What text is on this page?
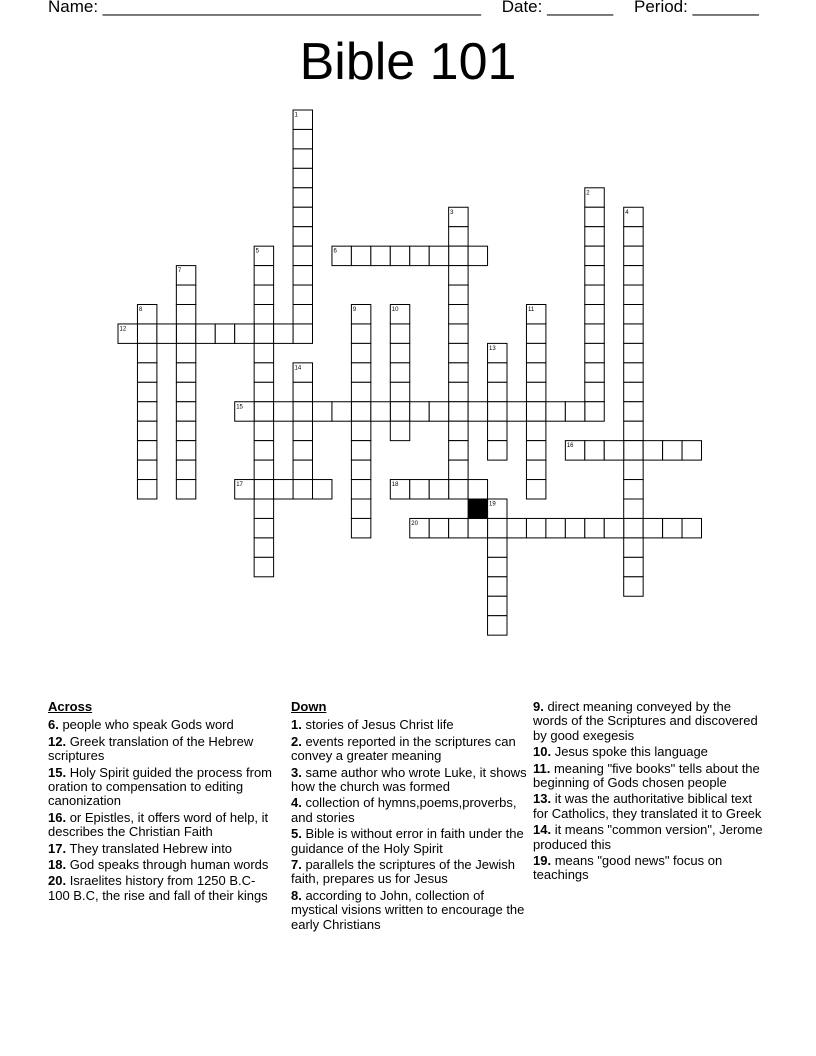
Name: ________________________________________ Date: _______ Period: _______
Bible 101
1
2
3	4
5	6
7
8	9	10	11
12
13
14
15
16
17	18
19
20
Across
6. people who speak Gods word
12. Greek translation of the Hebrew scriptures
15. Holy Spirit guided the process from oration to compensation to editing canonization
16. or Epistles, it offers word of help, it describes the Christian Faith
17. They translated Hebrew into
18. God speaks through human words
20. Israelites history from 1250 B.C- 100 B.C, the rise and fall of their kings
Down
1. stories of Jesus Christ life
2. events reported in the scriptures can convey a greater meaning
3. same author who wrote Luke, it shows how the church was formed
4. collection of hymns,poems,proverbs, and stories
5. Bible is without error in faith under the guidance of the Holy Spirit
7. parallels the scriptures of the Jewish faith, prepares us for Jesus
8. according to John, collection of mystical visions written to encourage the early Christians
9. direct meaning conveyed by the words of the Scriptures and discovered by good exegesis
10. Jesus spoke this language
11. meaning "five books" tells about the beginning of Gods chosen people
13. it was the authoritative biblical text for Catholics, they translated it to Greek
14. it means "common version", Jerome produced this
19. means "good news" focus on teachings
